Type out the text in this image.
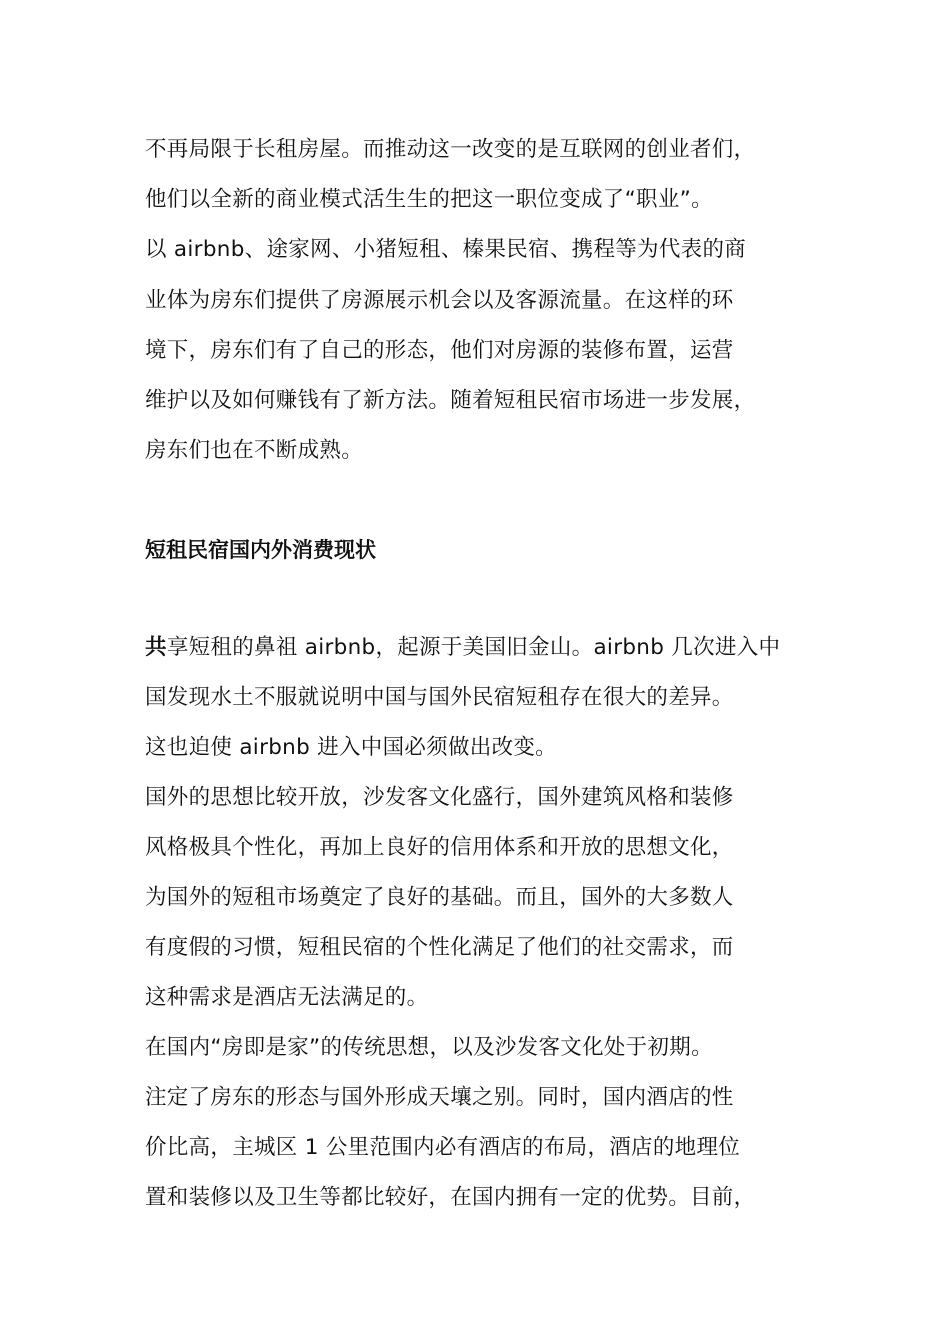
不再局限于长租房屋。而推动这一改变的是互联网的创业者们，
他们以全新的商业模式活生生的把这一职位变成了“职业”。
以 airbnb、途家网、小猪短租、榛果民宿、携程等为代表的商
业体为房东们提供了房源展示机会以及客源流量。在这样的环
境下，房东们有了自己的形态，他们对房源的装修布置，运营
维护以及如何赚钱有了新方法。随着短租民宿市场进一步发展，
房东们也在不断成熟。
短租民宿国内外消费现状
共享短租的鼻祖 airbnb，起源于美国旧金山。airbnb 几次进入中
国发现水土不服就说明中国与国外民宿短租存在很大的差异。
这也迫使 airbnb 进入中国必须做出改变。
国外的思想比较开放，沙发客文化盛行，国外建筑风格和装修
风格极具个性化，再加上良好的信用体系和开放的思想文化，
为国外的短租市场奠定了良好的基础。而且，国外的大多数人
有度假的习惯，短租民宿的个性化满足了他们的社交需求，而
这种需求是酒店无法满足的。
在国内“房即是家”的传统思想，以及沙发客文化处于初期。
注定了房东的形态与国外形成天壤之别。同时，国内酒店的性
价比高，主城区 1 公里范围内必有酒店的布局，酒店的地理位
置和装修以及卫生等都比较好，在国内拥有一定的优势。目前，
